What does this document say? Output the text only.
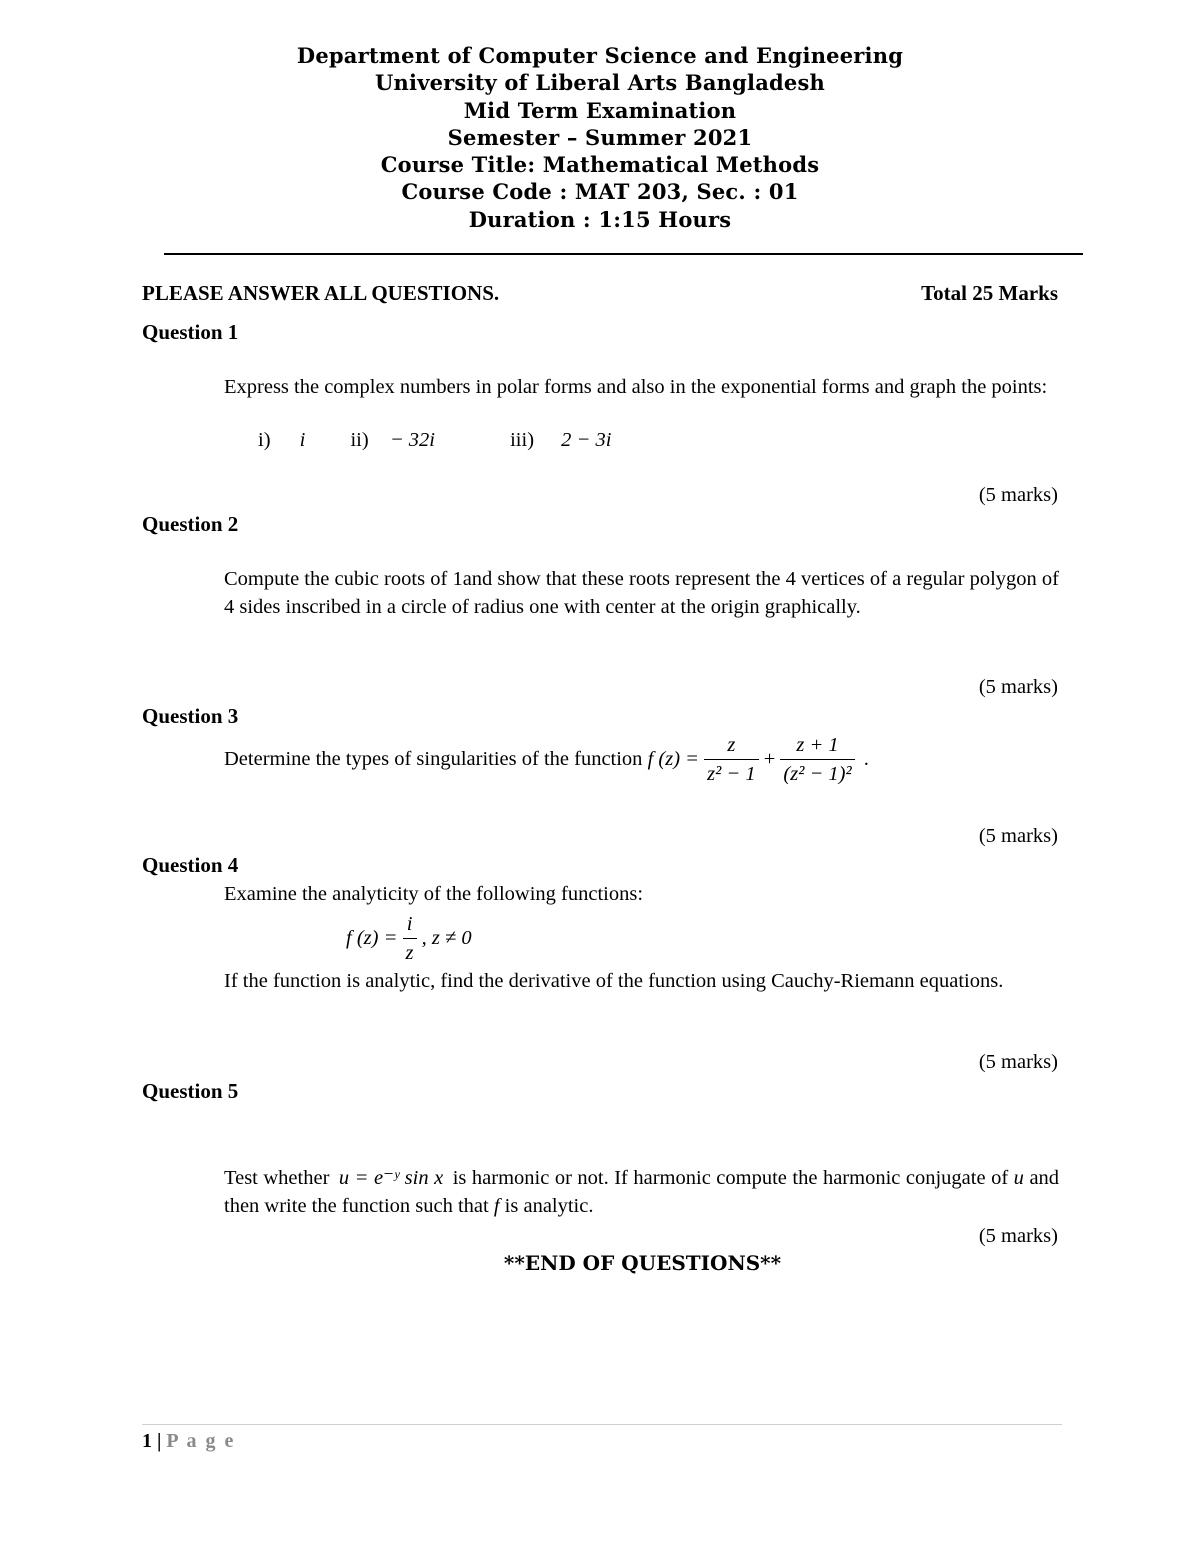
Department of Computer Science and Engineering
University of Liberal Arts Bangladesh
Mid Term Examination
Semester – Summer 2021
Course Title: Mathematical Methods
Course Code : MAT 203, Sec. : 01
Duration : 1:15 Hours
PLEASE ANSWER ALL QUESTIONS.	Total 25 Marks
Question 1
Express the complex numbers in polar forms and also in the exponential forms and graph the points:
i) i ii) − 32i	iii) 2 − 3i
(5 marks)
Question 2
Compute the cubic roots of 1and show that these roots represent the 4 vertices of a regular polygon of 4 sides inscribed in a circle of radius one with center at the origin graphically.
(5 marks)
Question 3
Determine the types of singularities of the function f $(z) = \frac{z}{\text{z² − 1}} + \frac{z + 1}{\text{(z² − 1)²}}$ .
(5 marks)
Question 4
Examine the analyticity of the following functions:
f $(z) = \frac{i}{z}$ , z ≠ 0
If the function is analytic, find the derivative of the function using Cauchy-Riemann equations.
(5 marks)
Question 5
Test whether u = e⁻ʸ sin x is harmonic or not. If harmonic compute the harmonic conjugate of u and then write the function such that f is analytic.
(5 marks)
**END OF QUESTIONS**
1 | P a g e
